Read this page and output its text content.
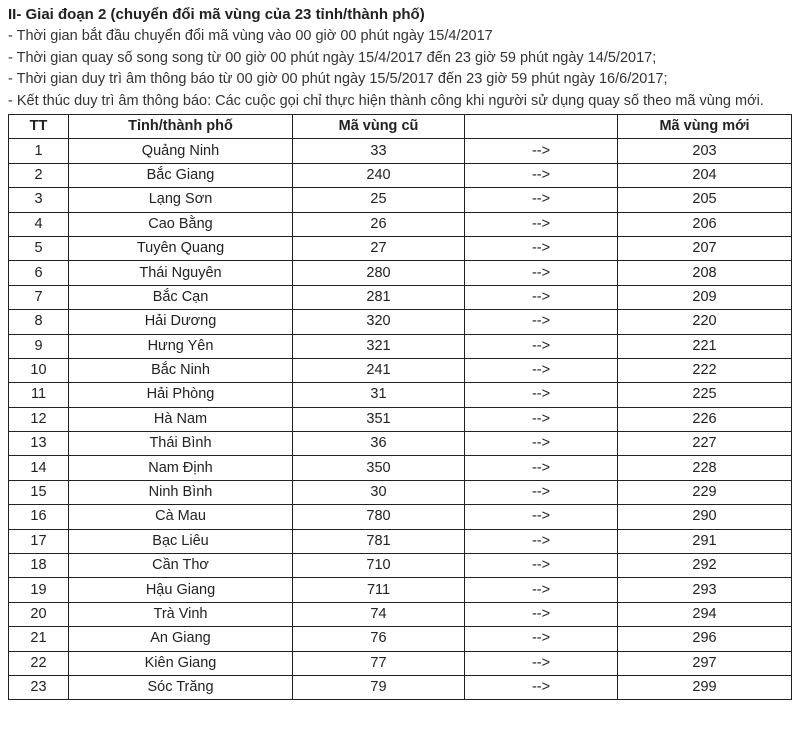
II- Giai đoạn 2 (chuyển đổi mã vùng của 23 tỉnh/thành phố)

- Thời gian bắt đầu chuyển đổi mã vùng vào 00 giờ 00 phút ngày 15/4/2017

- Thời gian quay số song song từ 00 giờ 00 phút ngày 15/4/2017 đến 23 giờ 59 phút ngày 14/5/2017;

- Thời gian duy trì âm thông báo từ 00 giờ 00 phút ngày 15/5/2017 đến 23 giờ 59 phút ngày 16/6/2017;

- Kết thúc duy trì âm thông báo: Các cuộc gọi chỉ thực hiện thành công khi người sử dụng quay số theo mã vùng mới.

TT	Tỉnh/thành phố	Mã vùng cũ		Mã vùng mới
1	Quảng Ninh	33	-->	203
2	Bắc Giang	240	-->	204
3	Lạng Sơn	25	-->	205
4	Cao Bằng	26	-->	206
5	Tuyên Quang	27	-->	207
6	Thái Nguyên	280	-->	208
7	Bắc Cạn	281	-->	209
8	Hải Dương	320	-->	220
9	Hưng Yên	321	-->	221
10	Bắc Ninh	241	-->	222
11	Hải Phòng	31	-->	225
12	Hà Nam	351	-->	226
13	Thái Bình	36	-->	227
14	Nam Định	350	-->	228
15	Ninh Bình	30	-->	229
16	Cà Mau	780	-->	290
17	Bạc Liêu	781	-->	291
18	Cần Thơ	710	-->	292
19	Hậu Giang	711	-->	293
20	Trà Vinh	74	-->	294
21	An Giang	76	-->	296
22	Kiên Giang	77	-->	297
23	Sóc Trăng	79	-->	299
